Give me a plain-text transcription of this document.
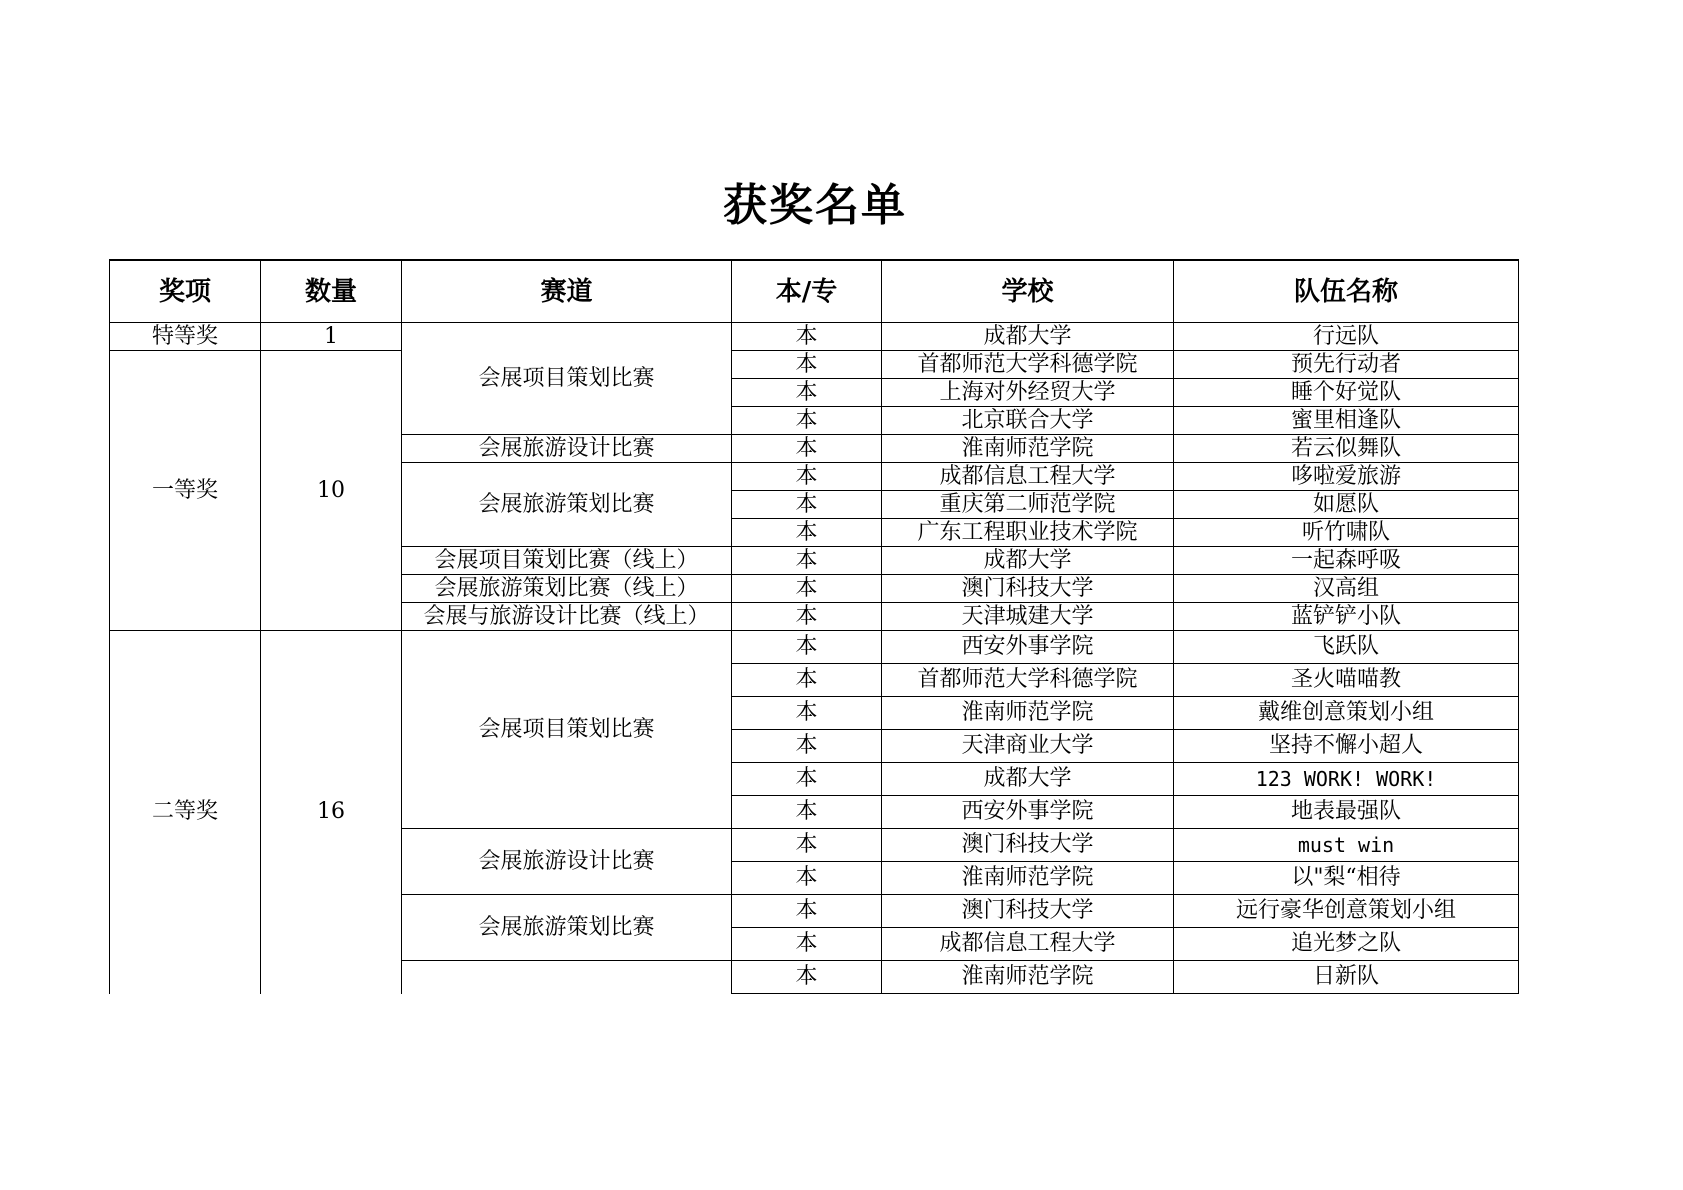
获奖名单
奖项	数量	赛道	本/专	学校	队伍名称
特等奖	1	会展项目策划比赛	本	成都大学	行远队
一等奖	10		本	首都师范大学科德学院	预先行动者
			本	上海对外经贸大学	睡个好觉队
			本	北京联合大学	蜜里相逢队
		会展旅游设计比赛	本	淮南师范学院	若云似舞队
		会展旅游策划比赛	本	成都信息工程大学	哆啦爱旅游
			本	重庆第二师范学院	如愿队
			本	广东工程职业技术学院	听竹啸队
		会展项目策划比赛（线上）	本	成都大学	一起森呼吸
		会展旅游策划比赛（线上）	本	澳门科技大学	汉高组
		会展与旅游设计比赛（线上）	本	天津城建大学	蓝铲铲小队
二等奖	16	会展项目策划比赛	本	西安外事学院	飞跃队
			本	首都师范大学科德学院	圣火喵喵教
			本	淮南师范学院	戴维创意策划小组
			本	天津商业大学	坚持不懈小超人
			本	成都大学	123 WORK! WORK!
			本	西安外事学院	地表最强队
		会展旅游设计比赛	本	澳门科技大学	must win
			本	淮南师范学院	以"梨“相待
		会展旅游策划比赛	本	澳门科技大学	远行豪华创意策划小组
			本	成都信息工程大学	追光梦之队
			本	淮南师范学院	日新队
